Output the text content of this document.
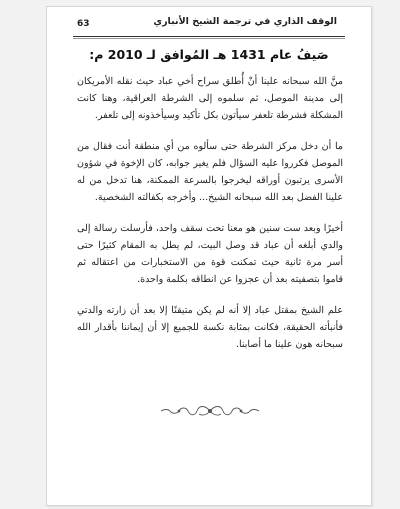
63	الوقف الذاري في ترجمة الشيخ الأنباري
صَيفُ عام 1431 هـ المُوافق لـ 2010 م:

منَّ الله سبحانه علينا أنْ أُطلق سراح أخي عباد حيث نقله الأمريكان إلى مدينة الموصل، ثم سلموه إلى الشرطة العراقية، وهنا كانت المشكلة فشرطة تلعفر سيأتون بكل تأكيد وسيأخذونه إلى تلعفر.

ما أن دخل مركز الشرطة حتى سألوه من أي منطقة أنت فقال من الموصل فكرروا عليه السؤال فلم يغير جوابه، كان الإخوة في شؤون الأسرى يرتبون أوراقه ليخرجوا بالسرعة الممكنة، هنا تدخل من له علينا الفضل بعد الله سبحانه الشيخ... وأخرجه بكفالته الشخصية.

أخيرًا وبعد ست سنين هو معنا تحت سقف واحد، فأرسلت رسالة إلى والدي أبلغه أن عباد قد وصل البيت، لم يطل به المقام كثيرًا حتى أسر مرة ثانية حيث تمكنت قوة من الاستخبارات من اعتقاله ثم قاموا بتصفيته بعد أن عجزوا عن انطاقه بكلمة واحدة.

علم الشيخ بمقتل عباد إلا أنه لم يكن متيقنًا إلا بعد أن زارته والدتي فأنبأته الحقيقة، فكانت بمثابة نكسة للجميع إلا أن إيماننا بأقدار الله سبحانه هون علينا ما أصابنا.
